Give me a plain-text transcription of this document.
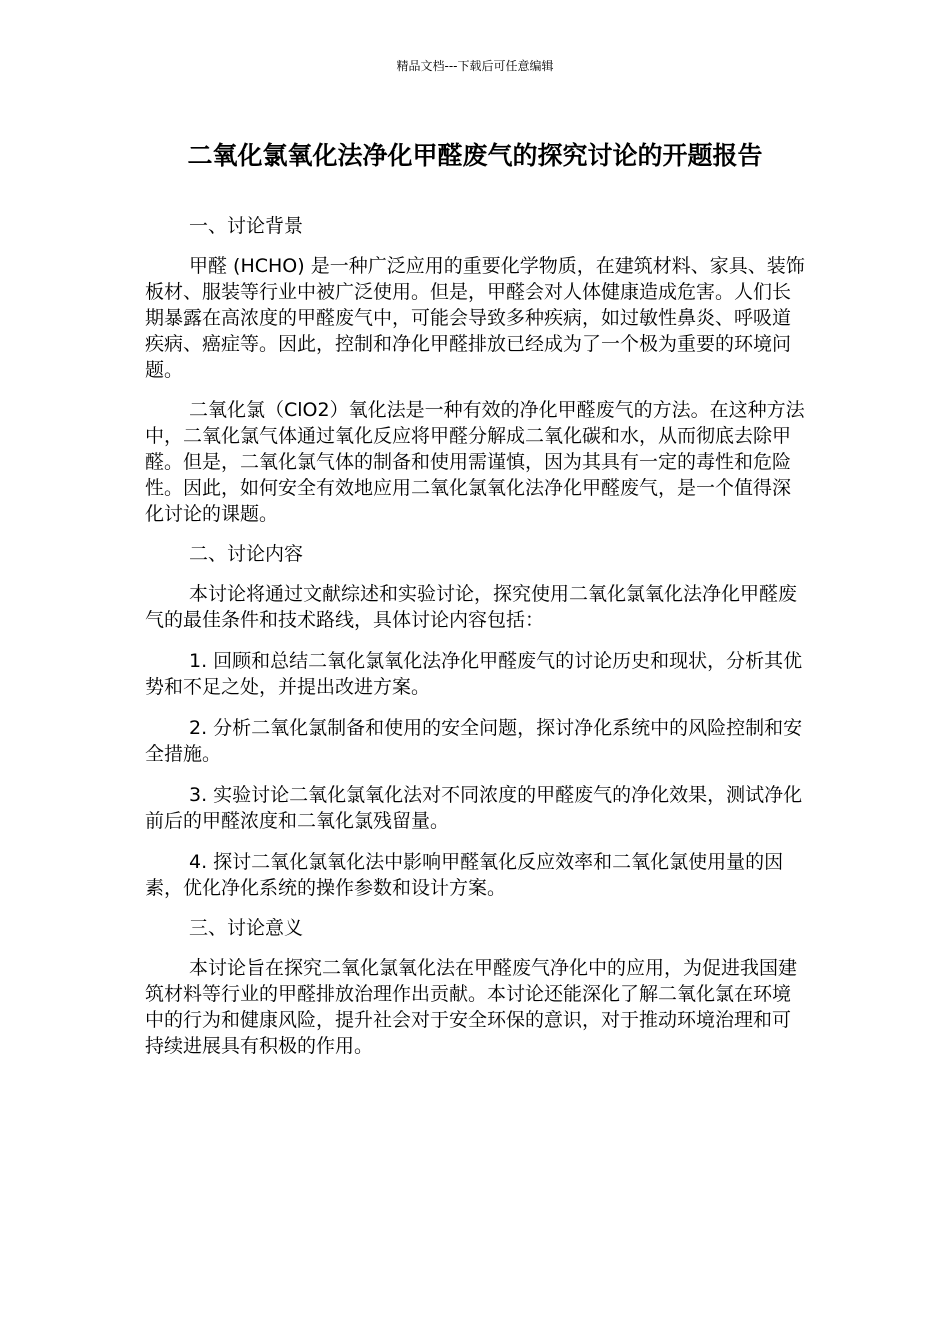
精品文档---下载后可任意编辑
二氧化氯氧化法净化甲醛废气的探究讨论的开题报告
一、讨论背景

甲醛 (HCHO) 是一种广泛应用的重要化学物质，在建筑材料、家具、装饰板材、服装等行业中被广泛使用。但是，甲醛会对人体健康造成危害。人们长期暴露在高浓度的甲醛废气中，可能会导致多种疾病，如过敏性鼻炎、呼吸道疾病、癌症等。因此，控制和净化甲醛排放已经成为了一个极为重要的环境问题。

二氧化氯（ClO2）氧化法是一种有效的净化甲醛废气的方法。在这种方法中，二氧化氯气体通过氧化反应将甲醛分解成二氧化碳和水，从而彻底去除甲醛。但是，二氧化氯气体的制备和使用需谨慎，因为其具有一定的毒性和危险性。因此，如何安全有效地应用二氧化氯氧化法净化甲醛废气，是一个值得深化讨论的课题。

二、讨论内容

本讨论将通过文献综述和实验讨论，探究使用二氧化氯氧化法净化甲醛废气的最佳条件和技术路线，具体讨论内容包括：

1. 回顾和总结二氧化氯氧化法净化甲醛废气的讨论历史和现状，分析其优势和不足之处，并提出改进方案。

2. 分析二氧化氯制备和使用的安全问题，探讨净化系统中的风险控制和安全措施。

3. 实验讨论二氧化氯氧化法对不同浓度的甲醛废气的净化效果，测试净化前后的甲醛浓度和二氧化氯残留量。

4. 探讨二氧化氯氧化法中影响甲醛氧化反应效率和二氧化氯使用量的因素，优化净化系统的操作参数和设计方案。

三、讨论意义

本讨论旨在探究二氧化氯氧化法在甲醛废气净化中的应用，为促进我国建筑材料等行业的甲醛排放治理作出贡献。本讨论还能深化了解二氧化氯在环境中的行为和健康风险，提升社会对于安全环保的意识，对于推动环境治理和可持续进展具有积极的作用。
